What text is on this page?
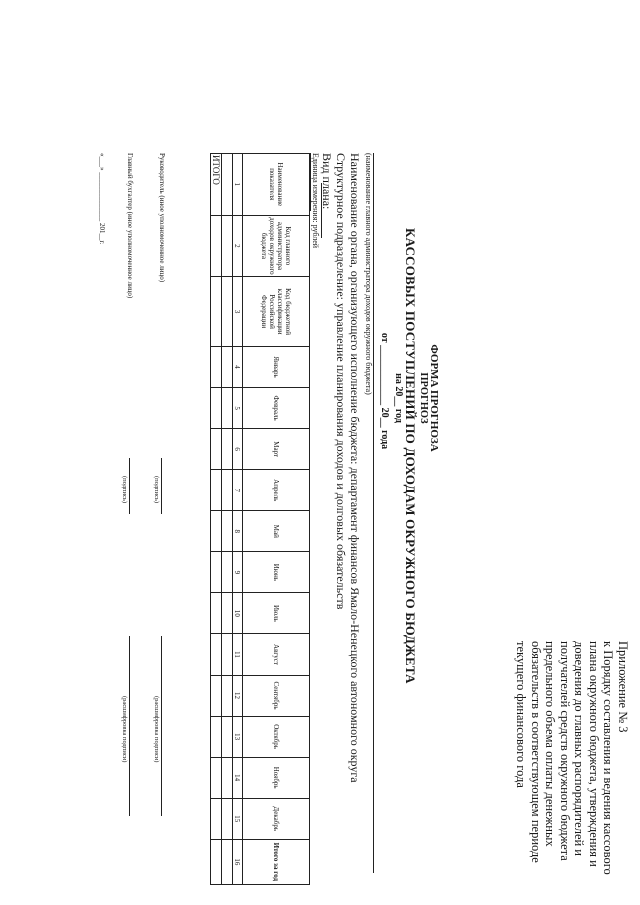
Приложение № 3
к Порядку составления и ведения кассового
плана окружного бюджета, утверждения и
доведения до главных распорядителей и
получателей средств окружного бюджета
предельного объема оплаты денежных
обязательств в соответствующем периоде
текущего финансового года
ФОРМА ПРОГНОЗА
ПРОГНОЗ
КАССОВЫХ ПОСТУПЛЕНИЙ ПО ДОХОДАМ ОКРУЖНОГО БЮДЖЕТА
на 20__ год
от ____________ 20__ года
(наименование главного администратора доходов окружного бюджета)
Наименование органа, организующего исполнение бюджета: департамент финансов Ямало-Ненецкого автономного округа
Структурное подразделение: управление планирования доходов и долговых обязательств
Вид плана:
Единица измерения: рублей
Наименование показателя	Код главного администратора доходов окружного бюджета	Код бюджетной классификации Российской Федерации	Январь	Февраль	Март	Апрель	Май	Июнь	Июль	Август	Сентябрь	Октябрь	Ноябрь	Декабрь	Итого за год
1	2	3	4	5	6	7	8	9	10	11	12	13	14	15	16

ИТОГО															
Руководитель (иное уполномоченное лицо)
(подпись)
(расшифровка подписи)
Главный бухгалтер (иное уполномоченное лицо)
(подпись)
(расшифровка подписи)
«___» ______________ 201__г.
